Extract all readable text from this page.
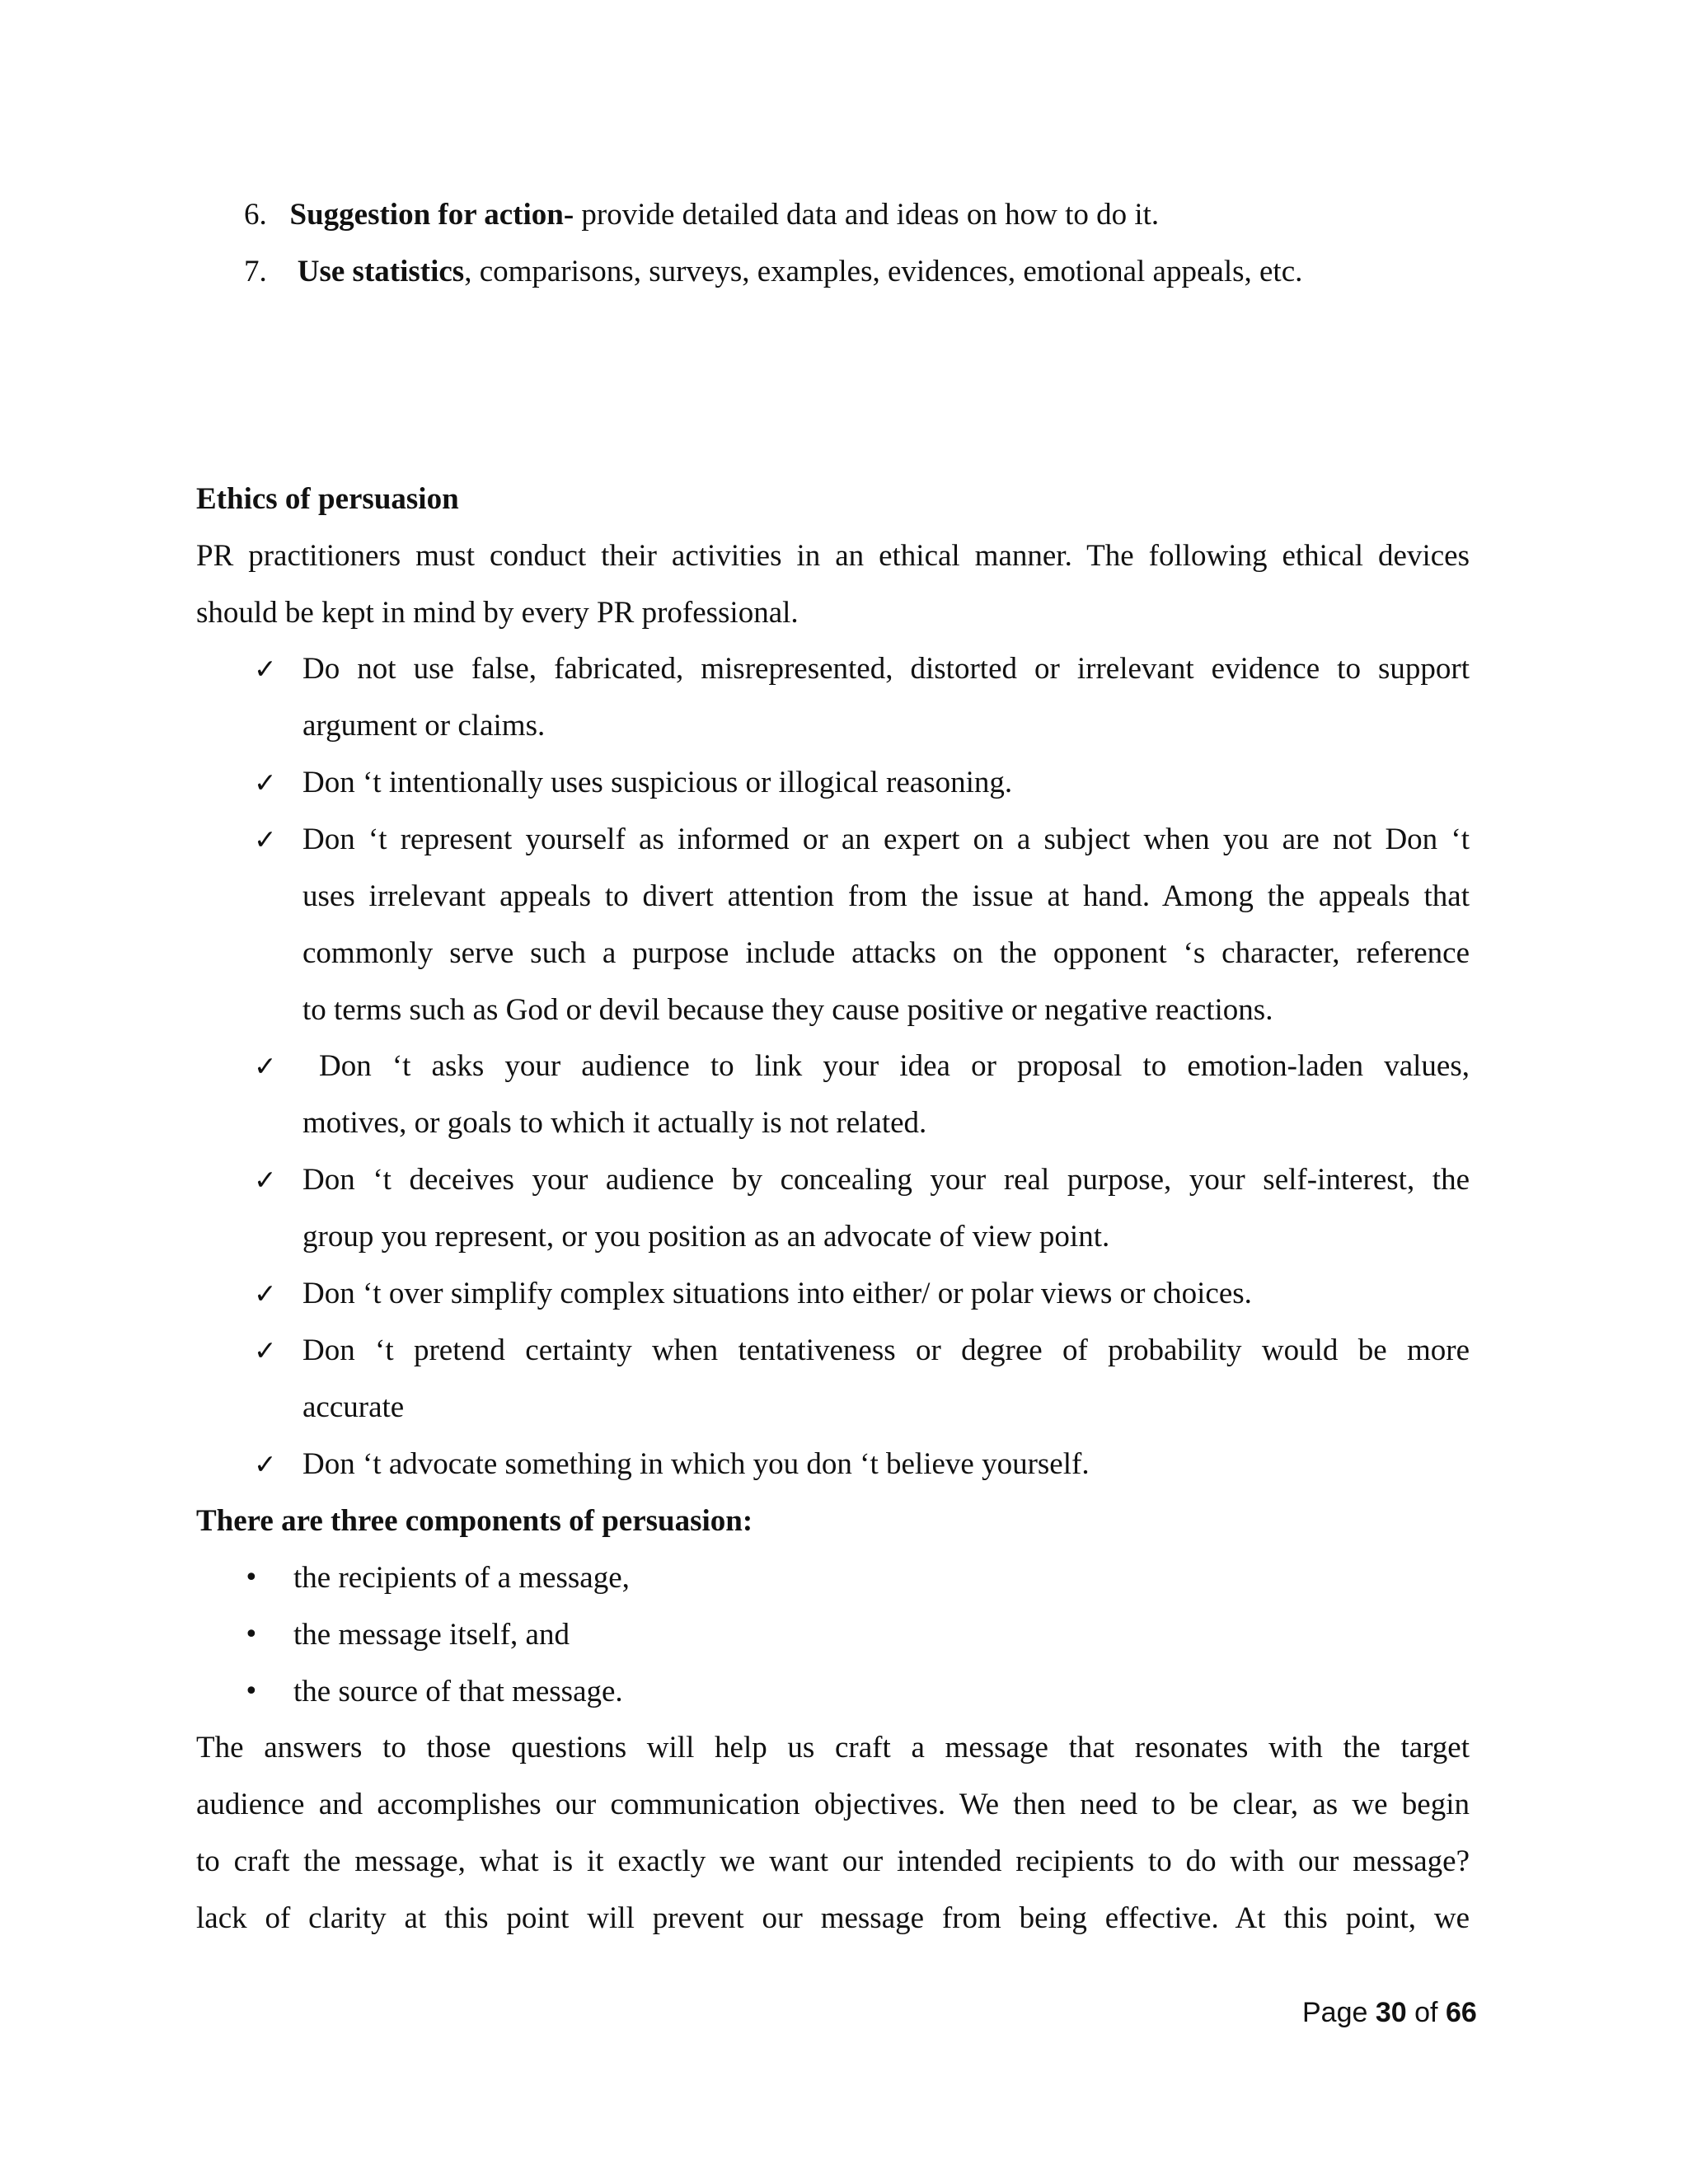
6. Suggestion for action- provide detailed data and ideas on how to do it.
7. Use statistics, comparisons, surveys, examples, evidences, emotional appeals, etc.
Ethics of persuasion
PR practitioners must conduct their activities in an ethical manner. The following ethical devices
should be kept in mind by every PR professional.
✓ Do not use false, fabricated, misrepresented, distorted or irrelevant evidence to support
argument or claims.
✓ Don ‘t intentionally uses suspicious or illogical reasoning.
✓ Don ‘t represent yourself as informed or an expert on a subject when you are not Don ‘t
uses irrelevant appeals to divert attention from the issue at hand. Among the appeals that
commonly serve such a purpose include attacks on the opponent ‘s character, reference
to terms such as God or devil because they cause positive or negative reactions.
✓ Don ‘t asks your audience to link your idea or proposal to emotion-laden values,
motives, or goals to which it actually is not related.
✓ Don ‘t deceives your audience by concealing your real purpose, your self-interest, the
group you represent, or you position as an advocate of view point.
✓ Don ‘t over simplify complex situations into either/ or polar views or choices.
✓ Don ‘t pretend certainty when tentativeness or degree of probability would be more
accurate
✓ Don ‘t advocate something in which you don ‘t believe yourself.
There are three components of persuasion:
• the recipients of a message,
• the message itself, and
• the source of that message.
The answers to those questions will help us craft a message that resonates with the target
audience and accomplishes our communication objectives. We then need to be clear, as we begin
to craft the message, what is it exactly we want our intended recipients to do with our message?
lack of clarity at this point will prevent our message from being effective. At this point, we
Page 30 of 66
